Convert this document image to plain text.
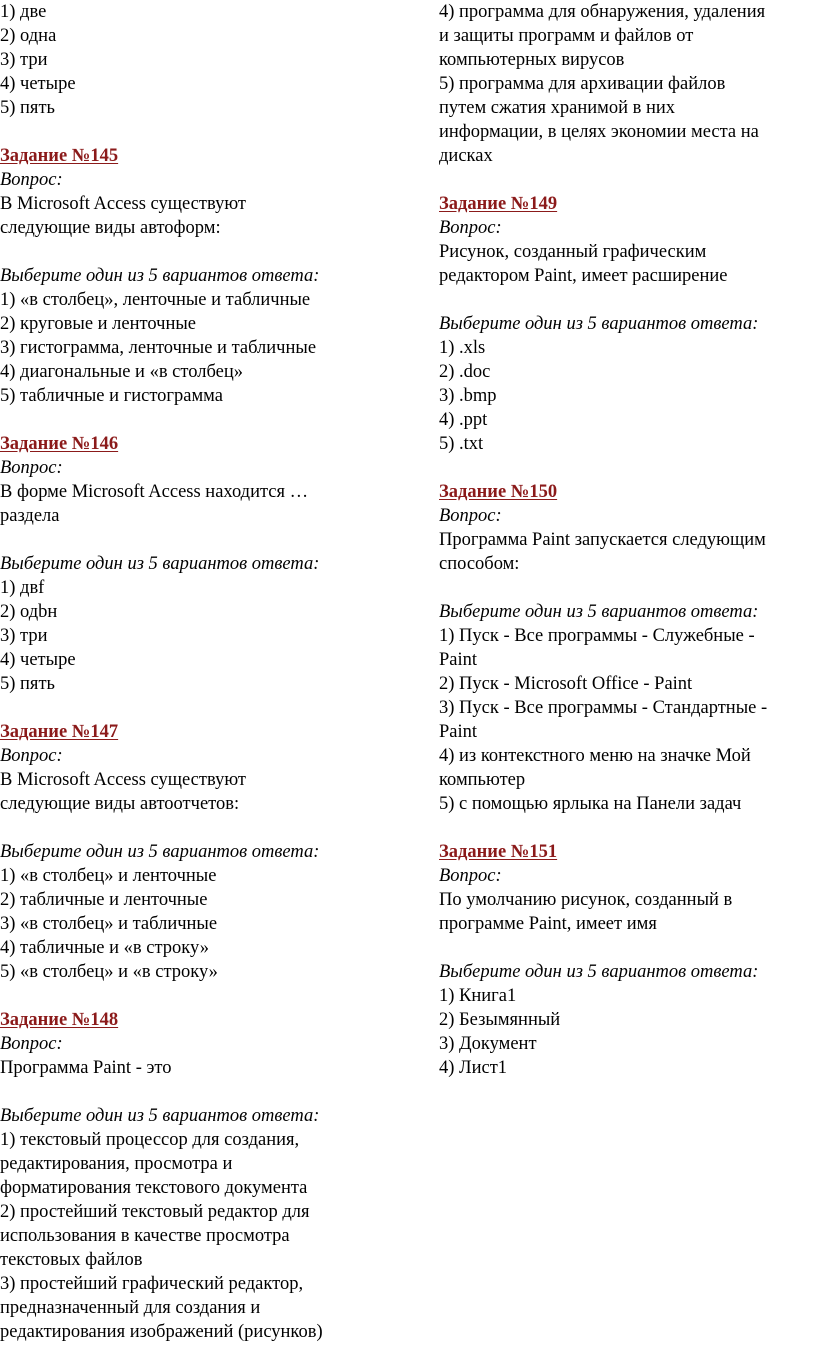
1) две
2) одна
3) три
4) четыре
5) пять
Задание №145
Вопрос:
В Microsoft Access существуют
следующие виды автоформ:
Выберите один из 5 вариантов ответа:
1) «в столбец», ленточные и табличные
2) круговые и ленточные
3) гистограмма, ленточные и табличные
4) диагональные и «в столбец»
5) табличные и гистограмма
Задание №146
Вопрос:
В форме Microsoft Access находится …
раздела
Выберите один из 5 вариантов ответа:
1) двf
2) одbн
3) три
4) четыре
5) пять
Задание №147
Вопрос:
В Microsoft Access существуют
следующие виды автоотчетов:
Выберите один из 5 вариантов ответа:
1) «в столбец» и ленточные
2) табличные и ленточные
3) «в столбец» и табличные
4) табличные и «в строку»
5) «в столбец» и «в строку»
Задание №148
Вопрос:
Программа Paint - это
Выберите один из 5 вариантов ответа:
1) текстовый процессор для создания,
редактирования, просмотра и
форматирования текстового документа
2) простейший текстовый редактор для
использования в качестве просмотра
текстовых файлов
3) простейший графический редактор,
предназначенный для создания и
редактирования изображений (рисунков)
4) программа для обнаружения, удаления
и защиты программ и файлов от
компьютерных вирусов
5) программа для архивации файлов
путем сжатия хранимой в них
информации, в целях экономии места на
дисках
Задание №149
Вопрос:
Рисунок, созданный графическим
редактором Paint, имеет расширение
Выберите один из 5 вариантов ответа:
1) .xls
2) .doc
3) .bmp
4) .ppt
5) .txt
Задание №150
Вопрос:
Программа Paint запускается следующим
способом:
Выберите один из 5 вариантов ответа:
1) Пуск - Все программы - Служебные -
Paint
2) Пуск - Microsoft Office - Paint
3) Пуск - Все программы - Стандартные -
Paint
4) из контекстного меню на значке Мой
компьютер
5) с помощью ярлыка на Панели задач
Задание №151
Вопрос:
По умолчанию рисунок, созданный в
программе Paint, имеет имя
Выберите один из 5 вариантов ответа:
1) Книга1
2) Безымянный
3) Документ
4) Лист1
